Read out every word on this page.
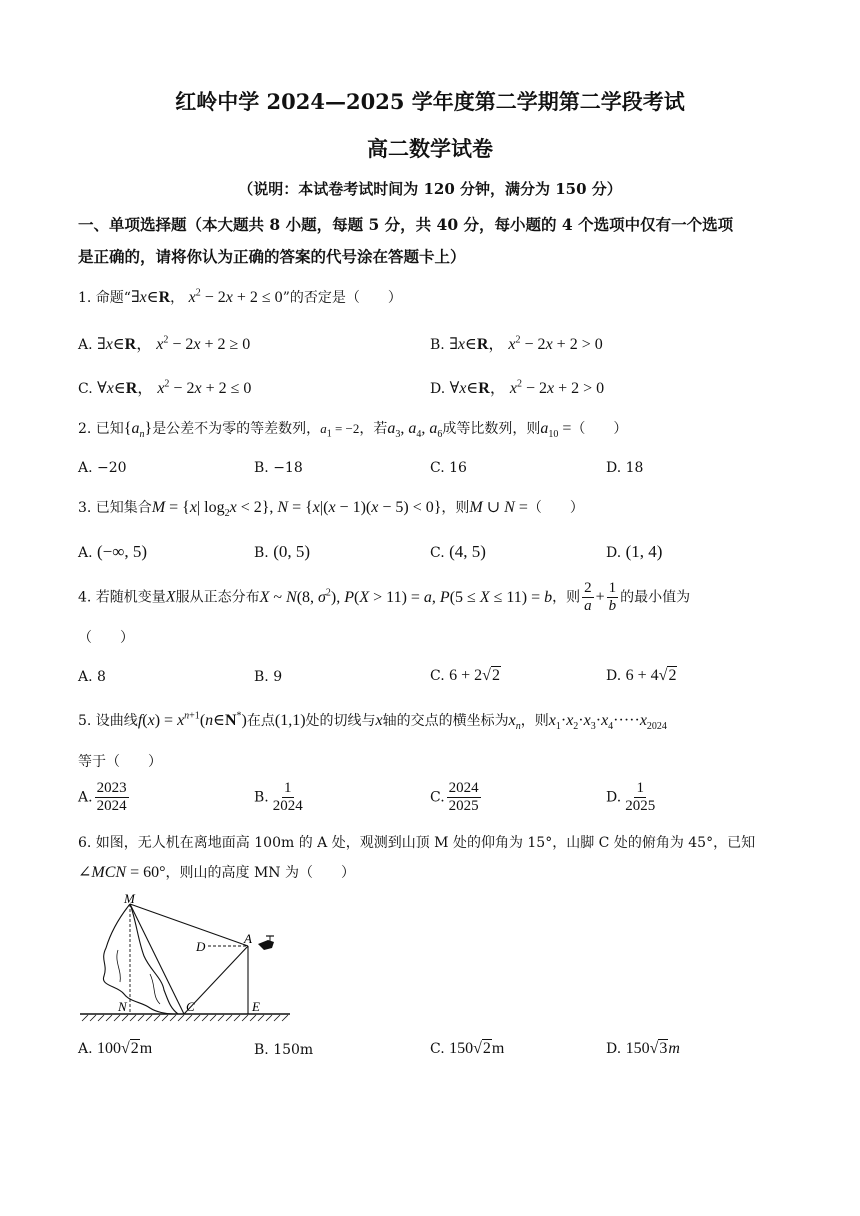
红岭中学 2024—2025 学年度第二学期第二学段考试
高二数学试卷
（说明：本试卷考试时间为 120 分钟，满分为 150 分）
一、单项选择题（本大题共 8 小题，每题 5 分，共 40 分，每小题的 4 个选项中仅有一个选项
是正确的，请将你认为正确的答案的代号涂在答题卡上）
1. 命题“∃x∈R， $x^2 - 2x + 2 \le 0$”的否定是（　　）
A. ∃x∈R， $x^2 - 2x + 2 \ge 0$	B. ∃x∈R， $x^2 - 2x + 2 > 0$
C. ∀x∈R， $x^2 - 2x + 2 \le 0$	D. ∀x∈R， $x^2 - 2x + 2 > 0$
2. 已知$\{a_n\}$是公差不为零的等差数列，$a_1 = -2$，若$a_3$, $a_4$, $a_6$成等比数列，则$a_{10}$ =（　　）
A. −20	B. −18	C. 16	D. 18
3. 已知集合M = {x| $\log_2x < 2$}, N = {x|(x − 1)(x − 5) < 0}，则M ∪ N =（　　）
A. (−∞, 5)	B. (0, 5)	C. (4, 5)	D. (1, 4)
4. 若随机变量X服从正态分布X ~ N(8, $\sigma^2$), P(X > 11) = a, P(5 ≤ X ≤ 11) = b，则 $\frac{2}{a} + \frac{1}{b}$ 的最小值为
（　　）
A. 8	B. 9	C. 6 + 2√2	D. 6 + 4√2
5. 设曲线$f(x) = x^{n+1}(n\in N^*)$在点(1,1)处的切线与x轴的交点的横坐标为$x_n$，则$x_1\cdot x_2\cdot x_3\cdot x_4\cdot\cdot\cdot\cdot\cdot x_{2024}$
等于（　　）
A. $\frac{2023}{2024}$	B. $\frac{1}{2024}$	C. $\frac{2024}{2025}$	D. $\frac{1}{2025}$
6. 如图，无人机在离地面高 100m 的 A 处，观测到山顶 M 处的仰角为 15°，山脚 C 处的俯角为 45°，已知
∠MCN = 60°，则山的高度 MN 为（　　）
M
D
A
N	C	E
A. 100√2m	B. 150m	C. 150√2m	D. 150√3m
